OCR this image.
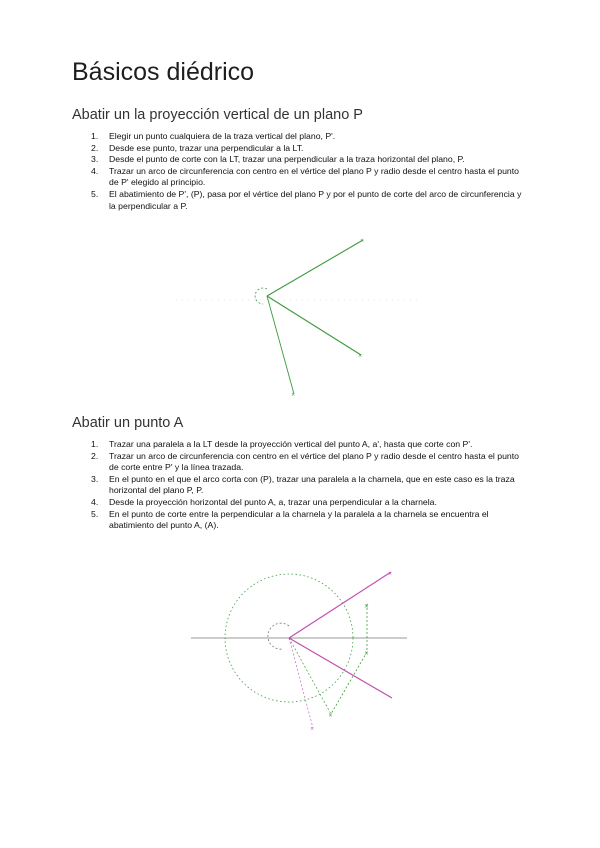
Básicos diédrico
Abatir un la proyección vertical de un plano P
1. Elegir un punto cualquiera de la traza vertical del plano, P'.
2. Desde ese punto, trazar una perpendicular a la LT.
3. Desde el punto de corte con la LT, trazar una perpendicular a la traza horizontal del plano, P.
4. Trazar un arco de circunferencia con centro en el vértice del plano P y radio desde el centro hasta el punto de P' elegido al principio.
5. El abatimiento de P', (P), pasa por el vértice del plano P y por el punto de corte del arco de circunferencia y la perpendicular a P.
×
×
×
Abatir un punto A
1. Trazar una paralela a la LT desde la proyección vertical del punto A, a', hasta que corte con P'.
2. Trazar un arco de circunferencia con centro en el vértice del plano P y radio desde el centro hasta el punto de corte entre P' y la línea trazada.
3. En el punto en el que el arco corta con (P), trazar una paralela a la charnela, que en este caso es la traza horizontal del plano P, P.
4. Desde la proyección horizontal del punto A, a, trazar una perpendicular a la charnela.
5. En el punto de corte entre la perpendicular a la charnela y la paralela a la charnela se encuentra el abatimiento del punto A, (A).
×
×
×
×
×
